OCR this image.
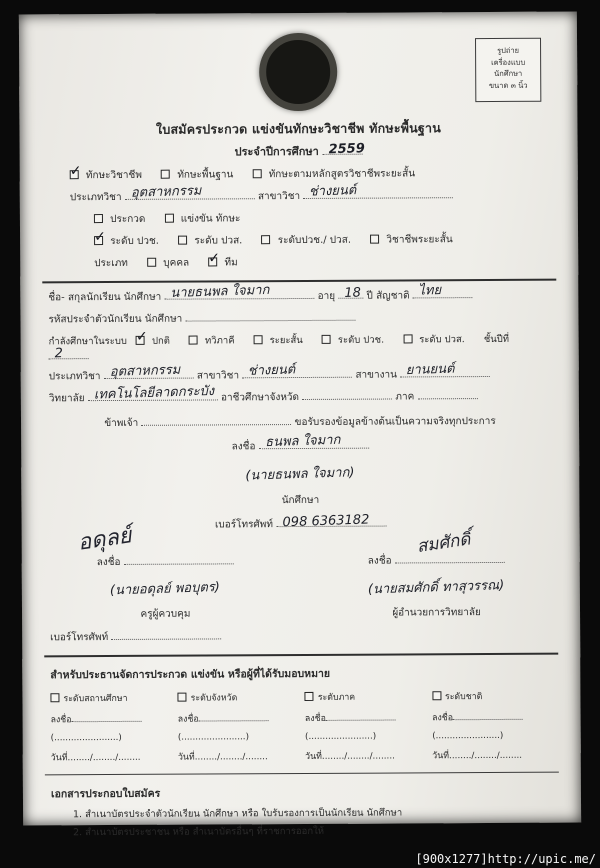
รูปถ่าย
เครื่องแบบ
นักศึกษา
ขนาด ๓ นิ้ว
ใบสมัครประกวด แข่งขันทักษะวิชาชีพ ทักษะพื้นฐาน
ประจำปีการศึกษา 2559
✓ ทักษะวิชาชีพ	ทักษะพื้นฐาน	ทักษะตามหลักสูตรวิชาชีพระยะสั้น
ประเภทวิชา อุตสาหกรรม	สาขาวิชา ช่างยนต์
ประกวด	แข่งขัน ทักษะ
✓ ระดับ ปวช.	ระดับ ปวส.	ระดับปวช./ ปวส.	วิชาชีพระยะสั้น
ประเภท	บุคคล ✓	ทีม
ชื่อ- สกุลนักเรียน นักศึกษา นายธนพล ใจมาก	อายุ 18 ปี สัญชาติ ไทย
รหัสประจำตัวนักเรียน นักศึกษา
กำลังศึกษาในระบบ ✓	ปกติ	ทวิภาคี	ระยะสั้น	ระดับ ปวช.	ระดับ ปวส. ชั้นปีที่
2
ประเภทวิชา อุตสาหกรรม สาขาวิชา ช่างยนต์	สาขางาน ยานยนต์
วิทยาลัย เทคโนโลยีลาดกระบัง อาชีวศึกษาจังหวัด	ภาค
ข้าพเจ้า	ขอรับรองข้อมูลข้างต้นเป็นความจริงทุกประการ
ลงชื่อ ธนพล ใจมาก
(นายธนพล ใจมาก)
นักศึกษา
เบอร์โทรศัพท์ 098 6363182
อดุลย์
ลงชื่อ
(นายอดุลย์ พอบุตร)
ครูผู้ควบคุม
เบอร์โทรศัพท์
สมศักดิ์
ลงชื่อ
(นายสมศักดิ์ ทาสุวรรณ)
ผู้อำนวยการวิทยาลัย
สำหรับประธานจัดการประกวด แข่งขัน หรือผู้ที่ได้รับมอบหมาย
ระดับสถานศึกษา
ลงชื่อ
(.......................)
วันที่......../......../........
ระดับจังหวัด
ลงชื่อ
(.......................)
วันที่......../......../........
ระดับภาค
ลงชื่อ
(.......................)
วันที่......../......../........
ระดับชาติ
ลงชื่อ
(.......................)
วันที่......../......../........
เอกสารประกอบใบสมัคร
1. สำเนาบัตรประจำตัวนักเรียน นักศึกษา หรือ ใบรับรองการเป็นนักเรียน นักศึกษา
2. สำเนาบัตรประชาชน หรือ สำเนาบัตรอื่นๆ ที่ราชการออกให้
[900x1277]http://upic.me/
